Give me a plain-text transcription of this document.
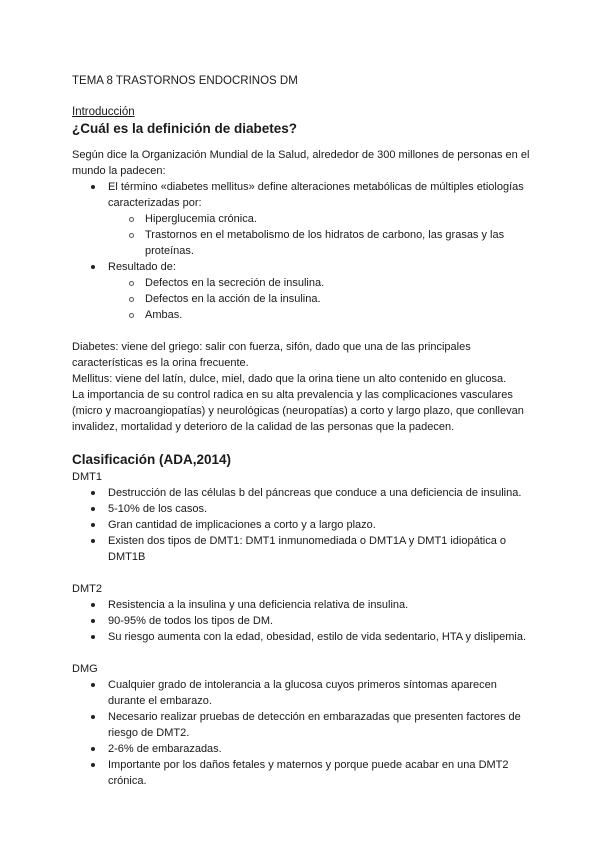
TEMA 8 TRASTORNOS ENDOCRINOS DM

Introducción

¿Cuál es la definición de diabetes?

Según dice la Organización Mundial de la Salud, alrededor de 300 millones de personas en el mundo la padecen:

El término «diabetes mellitus» define alteraciones metabólicas de múltiples etiologías caracterizadas por:
Hiperglucemia crónica.
Trastornos en el metabolismo de los hidratos de carbono, las grasas y las proteínas.
Resultado de:
Defectos en la secreción de insulina.
Defectos en la acción de la insulina.
Ambas.

Diabetes: viene del griego: salir con fuerza, sifón, dado que una de las principales características es la orina frecuente.

Mellitus: viene del latín, dulce, miel, dado que la orina tiene un alto contenido en glucosa.

La importancia de su control radica en su alta prevalencia y las complicaciones vasculares (micro y macroangiopatías) y neurológicas (neuropatías) a corto y largo plazo, que conllevan invalidez, mortalidad y deterioro de la calidad de las personas que la padecen.

Clasificación (ADA,2014)

DMT1

Destrucción de las células b del páncreas que conduce a una deficiencia de insulina.
5-10% de los casos.
Gran cantidad de implicaciones a corto y a largo plazo.
Existen dos tipos de DMT1: DMT1 inmunomediada o DMT1A y DMT1 idiopática o DMT1B

DMT2

Resistencia a la insulina y una deficiencia relativa de insulina.
90-95% de todos los tipos de DM.
Su riesgo aumenta con la edad, obesidad, estilo de vida sedentario, HTA y dislipemia.

DMG

Cualquier grado de intolerancia a la glucosa cuyos primeros síntomas aparecen durante el embarazo.
Necesario realizar pruebas de detección en embarazadas que presenten factores de riesgo de DMT2.
2-6% de embarazadas.
Importante por los daños fetales y maternos y porque puede acabar en una DMT2 crónica.
